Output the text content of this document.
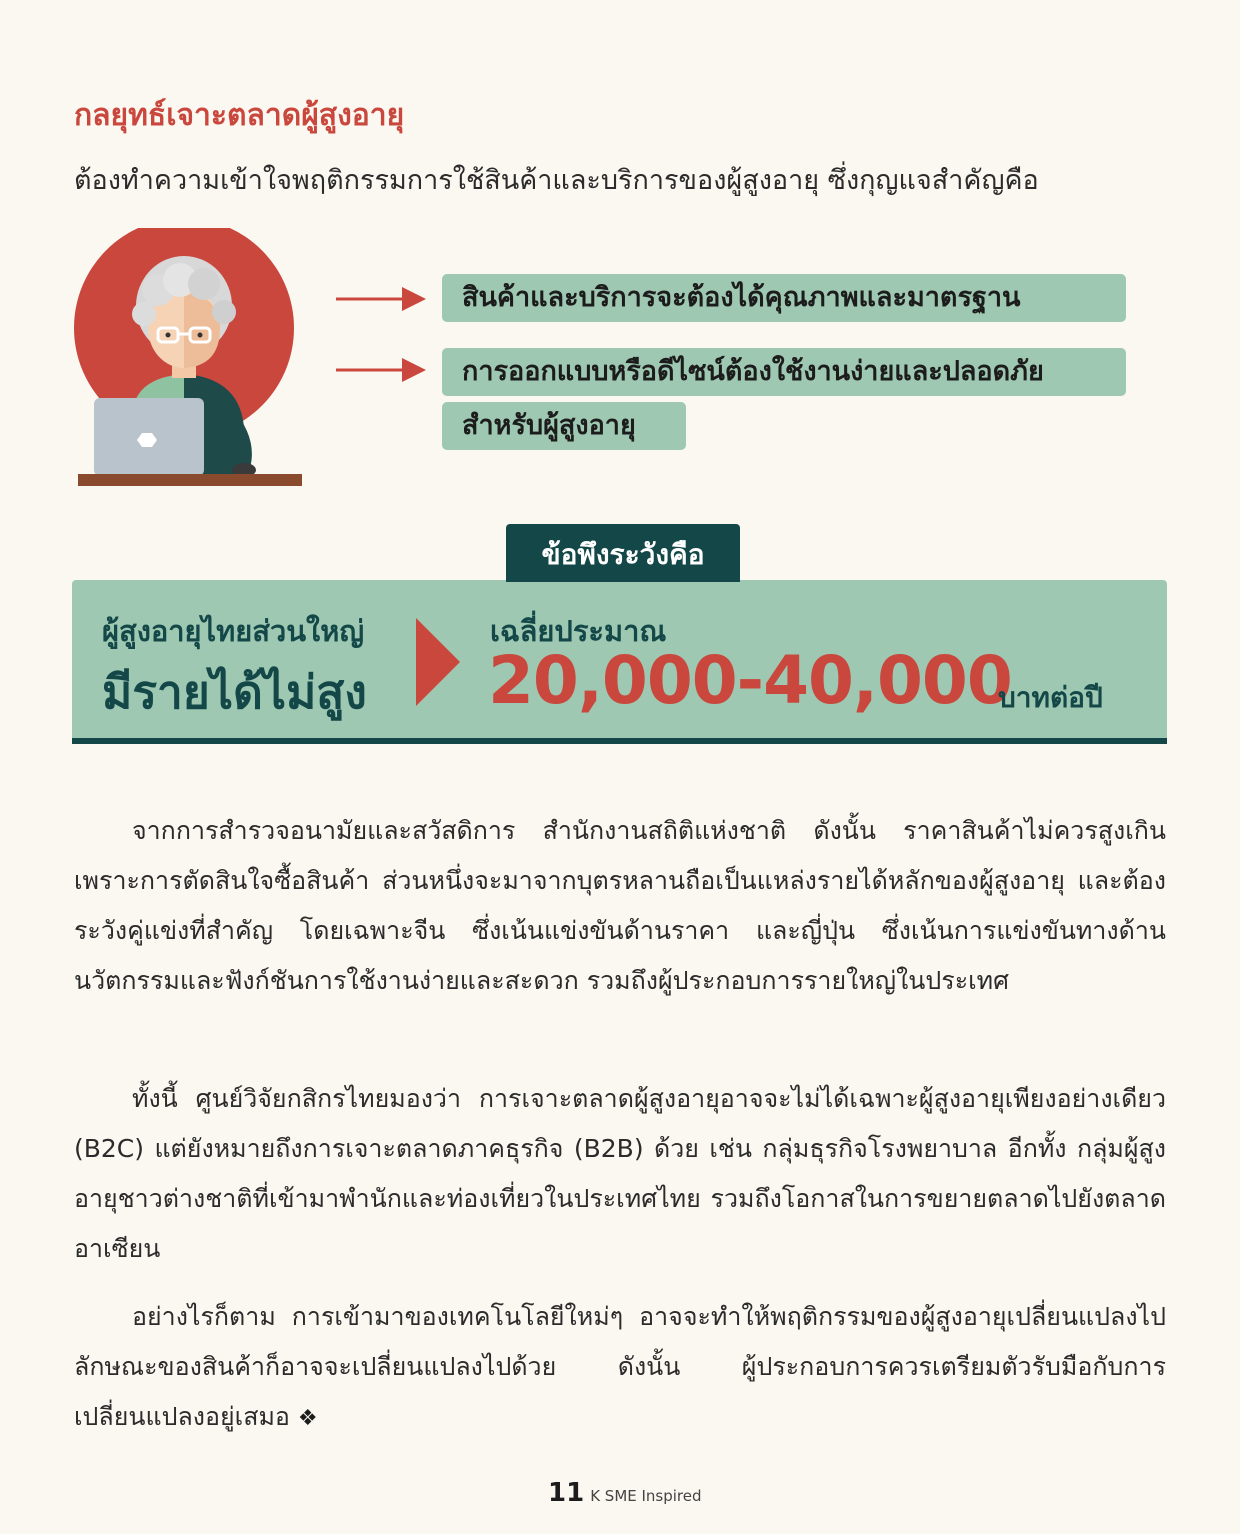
กลยุทธ์เจาะตลาดผู้สูงอายุ
ต้องทำความเข้าใจพฤติกรรมการใช้สินค้าและบริการของผู้สูงอายุ ซึ่งกุญแจสำคัญคือ
สินค้าและบริการจะต้องได้คุณภาพและมาตรฐาน
การออกแบบหรือดีไซน์ต้องใช้งานง่ายและปลอดภัย
สำหรับผู้สูงอายุ
ข้อพึงระวังคือ
ผู้สูงอายุไทยส่วนใหญ่
มีรายได้ไม่สูง
เฉลี่ยประมาณ
20,000-40,000
บาทต่อปี

จากการสำรวจอนามัยและสวัสดิการ สำนักงานสถิติแห่งชาติ ดังนั้น ราคาสินค้าไม่ควรสูงเกิน เพราะการตัดสินใจซื้อสินค้า ส่วนหนึ่งจะมาจากบุตรหลานถือเป็นแหล่งรายได้หลักของผู้สูงอายุ และต้องระวังคู่แข่งที่สำคัญ โดยเฉพาะจีน ซึ่งเน้นแข่งขันด้านราคา และญี่ปุ่น ซึ่งเน้นการแข่งขันทางด้านนวัตกรรมและฟังก์ชันการใช้งานง่ายและสะดวก รวมถึงผู้ประกอบการรายใหญ่ในประเทศ

ทั้งนี้ ศูนย์วิจัยกสิกรไทยมองว่า การเจาะตลาดผู้สูงอายุอาจจะไม่ได้เฉพาะผู้สูงอายุเพียงอย่างเดียว (B2C) แต่ยังหมายถึงการเจาะตลาดภาคธุรกิจ (B2B) ด้วย เช่น กลุ่มธุรกิจโรงพยาบาล อีกทั้ง กลุ่มผู้สูงอายุชาวต่างชาติที่เข้ามาพำนักและท่องเที่ยวในประเทศไทย รวมถึงโอกาสในการขยายตลาดไปยังตลาดอาเซียน

อย่างไรก็ตาม การเข้ามาของเทคโนโลยีใหม่ๆ อาจจะทำให้พฤติกรรมของผู้สูงอายุเปลี่ยนแปลงไป ลักษณะของสินค้าก็อาจจะเปลี่ยนแปลงไปด้วย ดังนั้น ผู้ประกอบการควรเตรียมตัวรับมือกับการเปลี่ยนแปลงอยู่เสมอ ❖

11 K SME Inspired
